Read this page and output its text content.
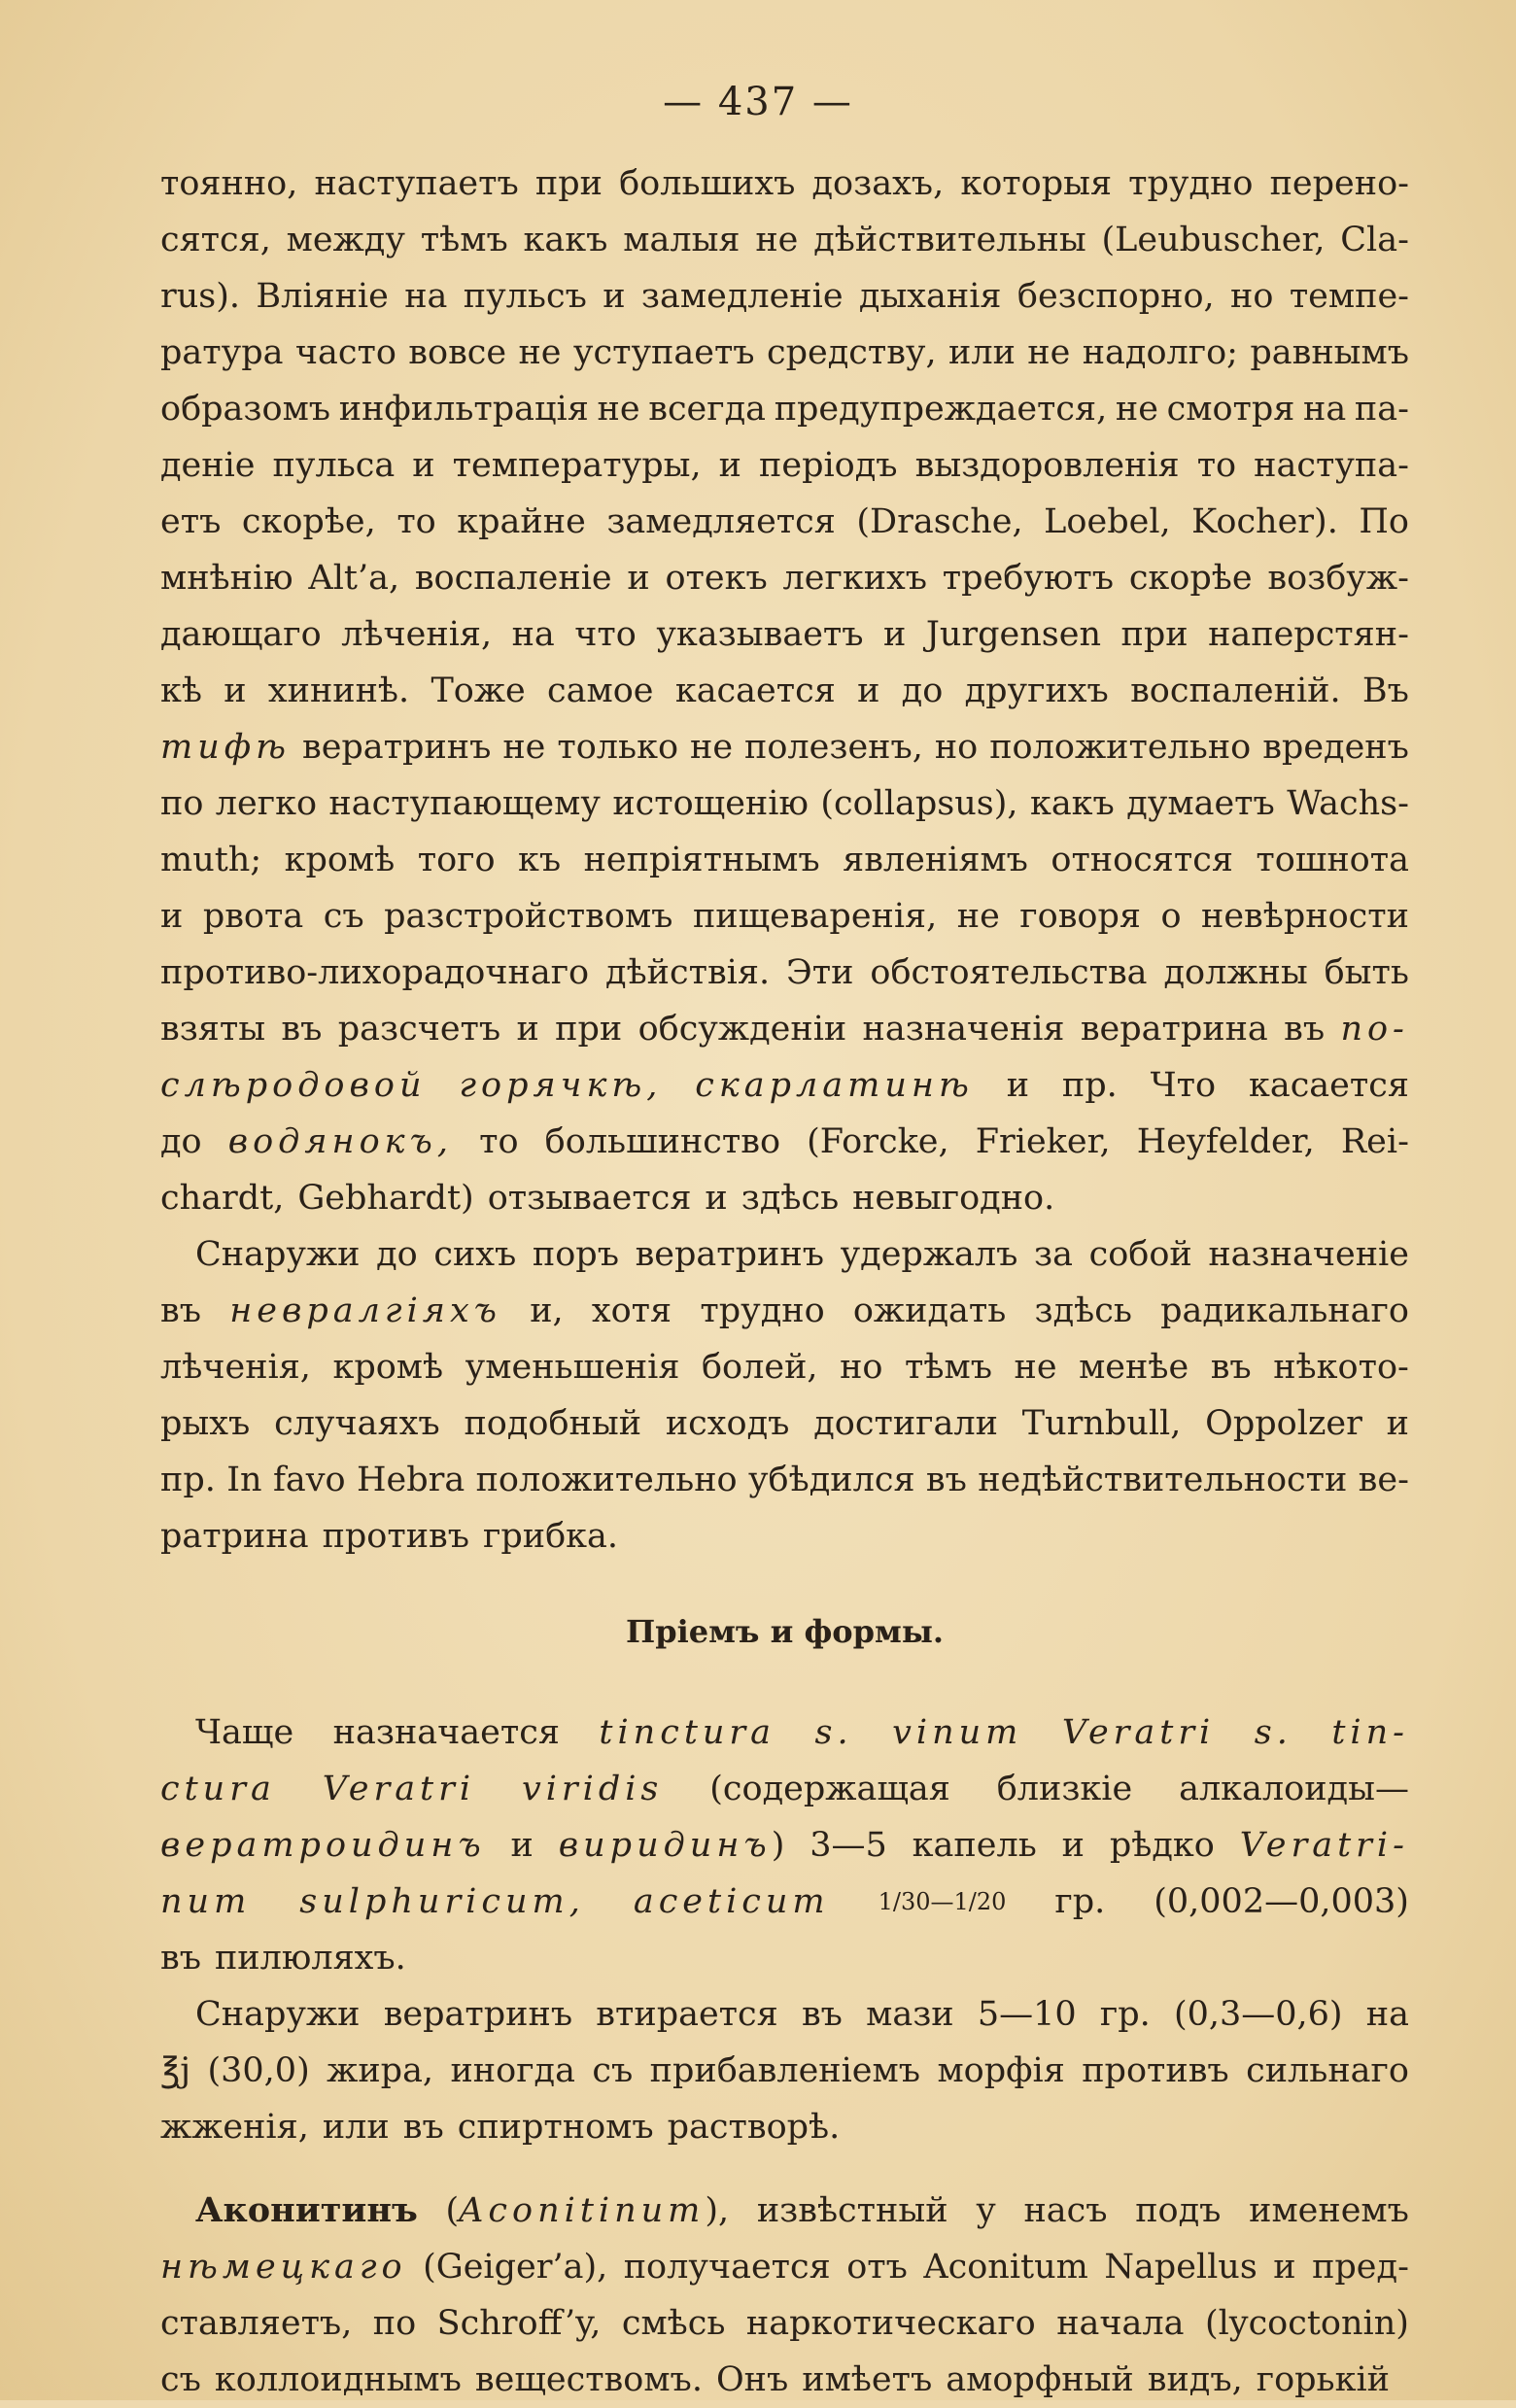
— 437 —
тоянно, наступаетъ при большихъ дозахъ, которыя трудно перено-
сятся, между тѣмъ какъ малыя не дѣйствительны (Leubuscher, Cla-
rus). Вліяніе на пульсъ и замедленіе дыханія безспорно, но темпе-
ратура часто вовсе не уступаетъ средству, или не надолго; равнымъ
образомъ инфильтрація не всегда предупреждается, не смотря на па-
деніе пульса и температуры, и періодъ выздоровленія то наступа-
етъ скорѣе, то крайне замедляется (Drasche, Loebel, Kocher). По
мнѣнію Alt’a, воспаленіе и отекъ легкихъ требуютъ скорѣе возбуж-
дающаго лѣченія, на что указываетъ и Jurgensen при наперстян-
кѣ и хининѣ. Тоже самое касается и до другихъ воспаленій. Въ
тифѣ вератринъ не только не полезенъ, но положительно вреденъ
по легко наступающему истощенію (collapsus), какъ думаетъ Wachs-
muth; кромѣ того къ непріятнымъ явленіямъ относятся тошнота
и рвота съ разстройствомъ пищеваренія, не говоря о невѣрности
противо-лихорадочнаго дѣйствія. Эти обстоятельства должны быть
взяты въ разсчетъ и при обсужденіи назначенія вератрина въ по-
слѣродовой горячкѣ, скарлатинѣ и пр. Что касается
до водянокъ, то большинство (Forcke, Frieker, Heyfelder, Rei-
chardt, Gebhardt) отзывается и здѣсь невыгодно.
Снаружи до сихъ поръ вератринъ удержалъ за собой назначеніе
въ невралгіяхъ и, хотя трудно ожидать здѣсь радикальнаго
лѣченія, кромѣ уменьшенія болей, но тѣмъ не менѣе въ нѣкото-
рыхъ случаяхъ подобный исходъ достигали Turnbull, Oppolzer и
пр. In favo Hebra положительно убѣдился въ недѣйствительности ве-
ратрина противъ грибка.
Пріемъ и формы.
Чаще назначается tinctura s. vinum Veratri s. tin-
ctura Veratri viridis (содержащая близкіе алкалоиды—
вератроидинъ и виридинъ) 3—5 капель и рѣдко Veratri-
num sulphuricum, aceticum 1/30—1/20 гр. (0,002—0,003)
въ пилюляхъ.
Снаружи вератринъ втирается въ мази 5—10 гр. (0,3—0,6) на
℥j (30,0) жира, иногда съ прибавленіемъ морфія противъ сильнаго
жженія, или въ спиртномъ растворѣ.
Аконитинъ (Aconitinum), извѣстный у насъ подъ именемъ
нѣмецкаго (Geiger’a), получается отъ Aconitum Napellus и пред-
ставляетъ, по Schroff’y, смѣсь наркотическаго начала (lycoctonin)
съ коллоиднымъ веществомъ. Онъ имѣетъ аморфный видъ, горькій
